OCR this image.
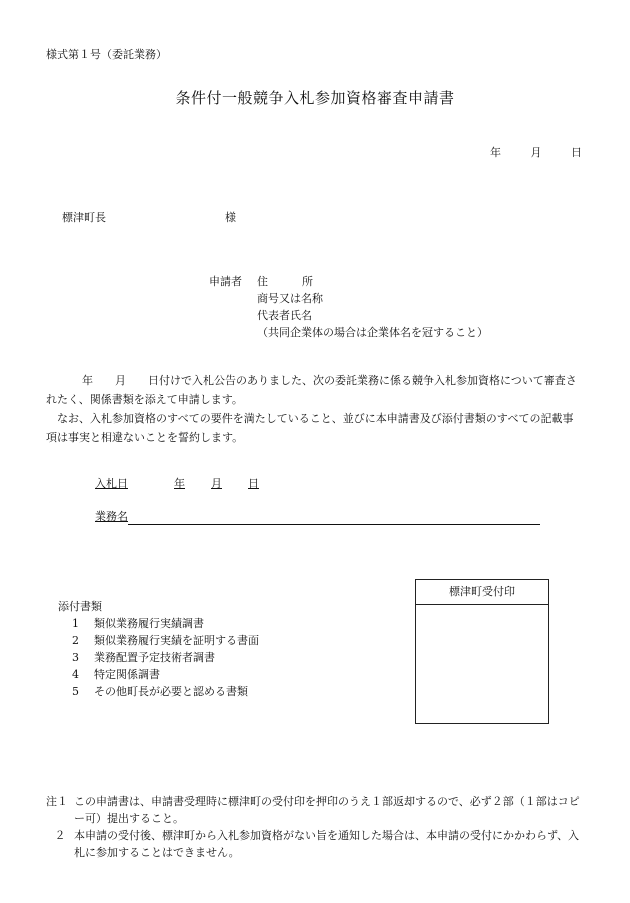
様式第１号（委託業務）
条件付一般競争入札参加資格審査申請書
年	月	日
標津町長	様
申請者	住	所
商号又は名称
代表者氏名
（共同企業体の場合は企業体名を冠すること）

年 月 日付けで入札公告のありました、次の委託業務に係る競争入札参加資格について審査されたく、関係書類を添えて申請します。

なお、入札参加資格のすべての要件を満たしていること、並びに本申請書及び添付書類のすべての記載事項は事実と相違ないことを誓約します。

入札日	年 月 日
業務名
標津町受付印
添付書類
1 類似業務履行実績調書
2 類似業務履行実績を証明する書面
3 業務配置予定技術者調書
4 特定関係調書
5 その他町長が必要と認める書類
注１ この申請書は、申請書受理時に標津町の受付印を押印のうえ１部返却するので、必ず２部（１部はコピー可）提出すること。
２ 本申請の受付後、標津町から入札参加資格がない旨を通知した場合は、本申請の受付にかかわらず、入札に参加することはできません。
